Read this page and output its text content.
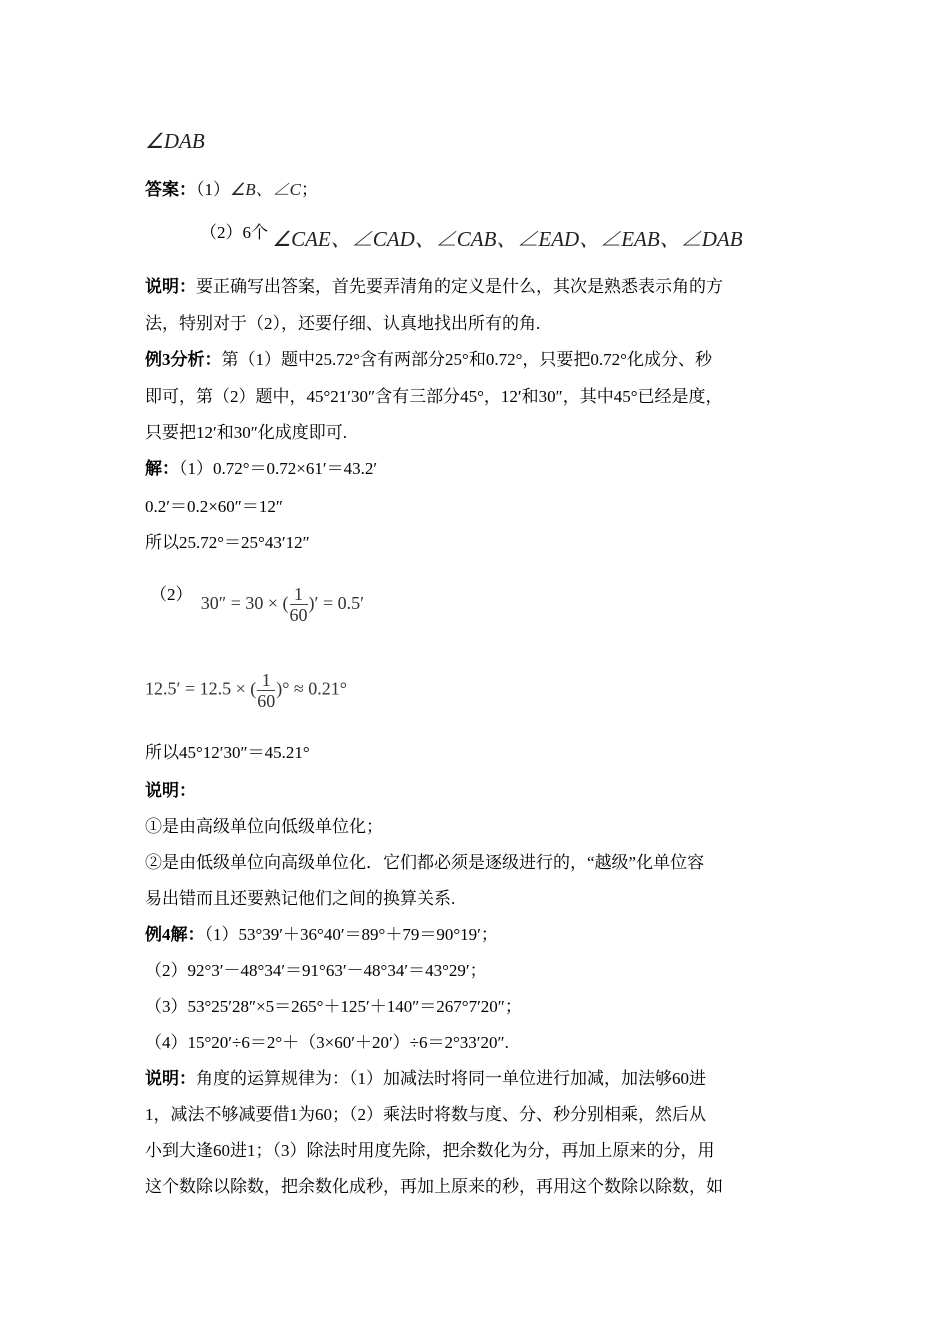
∠DAB
答案：（1）∠B、∠C；
（2）6个 ∠CAE、∠CAD、∠CAB、∠EAD、∠EAB、∠DAB
说明：要正确写出答案，首先要弄清角的定义是什么，其次是熟悉表示角的方
法，特别对于（2），还要仔细、认真地找出所有的角.
例3分析：第（1）题中25.72°含有两部分25°和0.72°，只要把0.72°化成分、秒
即可，第（2）题中，45°21′30″含有三部分45°，12′和30″，其中45°已经是度，
只要把12′和30″化成度即可.
解：（1）0.72°＝0.72×61′＝43.2′
0.2′＝0.2×60″＝12″
所以25.72°＝25°43′12″
（2） 30″ = 30 × ( $\frac{1}{60}$ )′ = 0.5′
12.5′ = 12.5 × ( $\frac{1}{60}$ )° ≈ 0.21°
所以45°12′30″＝45.21°
说明：
①是由高级单位向低级单位化；
②是由低级单位向高级单位化．它们都必须是逐级进行的，“越级”化单位容
易出错而且还要熟记他们之间的换算关系.
例4解：（1）53°39′＋36°40′＝89°＋79＝90°19′；
（2）92°3′－48°34′＝91°63′－48°34′＝43°29′；
（3）53°25′28″×5＝265°＋125′＋140″＝267°7′20″；
（4）15°20′÷6＝2°＋（3×60′＋20′）÷6＝2°33′20″.
说明：角度的运算规律为：（1）加减法时将同一单位进行加减，加法够60进
1，减法不够减要借1为60；（2）乘法时将数与度、分、秒分别相乘，然后从
小到大逢60进1；（3）除法时用度先除，把余数化为分，再加上原来的分，用
这个数除以除数，把余数化成秒，再加上原来的秒，再用这个数除以除数，如
